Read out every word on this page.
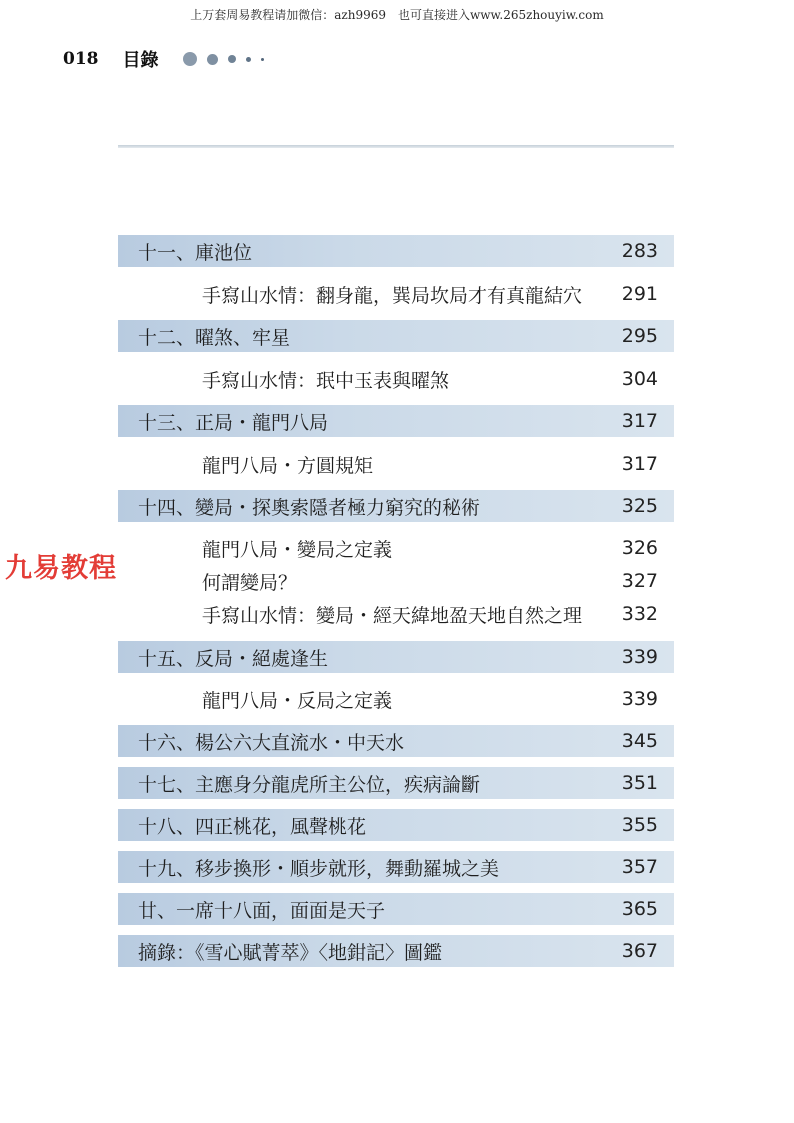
上万套周易教程请加微信：azh9969　也可直接进入www.265zhouyiw.com
018 目錄
十一、庫池位	283
手寫山水情：翻身龍，巽局坎局才有真龍結穴 291
十二、曜煞、牢星	295
手寫山水情：珉中玉表與曜煞	304
十三、正局・龍門八局	317
龍門八局・方圓規矩	317
十四、變局・探奧索隱者極力窮究的秘術	325
龍門八局・變局之定義	326
何謂變局？	327
手寫山水情：變局・經天緯地盈天地自然之理 332
十五、反局・絕處逢生	339
龍門八局・反局之定義	339
十六、楊公六大直流水・中天水	345
十七、主應身分龍虎所主公位，疾病論斷	351
十八、四正桃花，風聲桃花	355
十九、移步換形・順步就形，舞動羅城之美	357
廿、一席十八面，面面是天子	365
摘錄：《雪心賦菁萃》〈地鉗記〉圖鑑	367
九易教程
